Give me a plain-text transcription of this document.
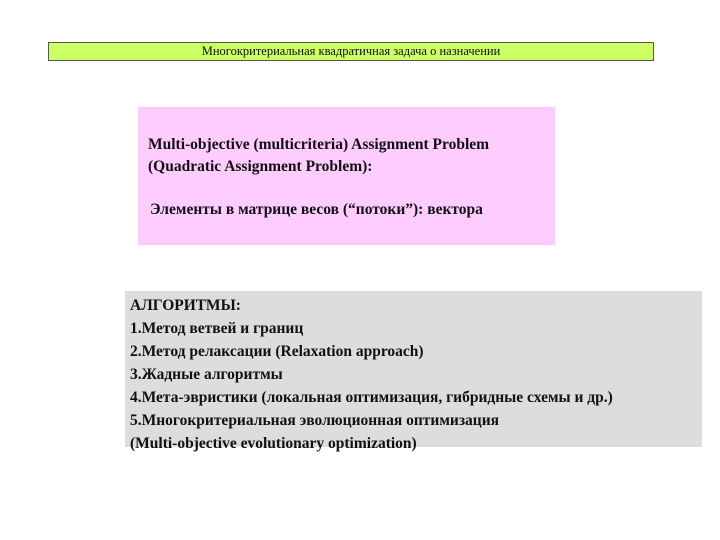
Многокритериальная квадратичная задача о назначении
Multi-objective (multicriteria) Assignment Problem
(Quadratic Assignment Problem):
Элементы в матрице весов (“потоки”): вектора
АЛГОРИТМЫ:
1.Метод ветвей и границ
2.Метод релаксации (Relaxation approach)
3.Жадные алгоритмы
4.Мета-эвристики (локальная оптимизация, гибридные схемы и др.)
5.Многокритериальная эволюционная оптимизация
(Multi-objective evolutionary optimization)
